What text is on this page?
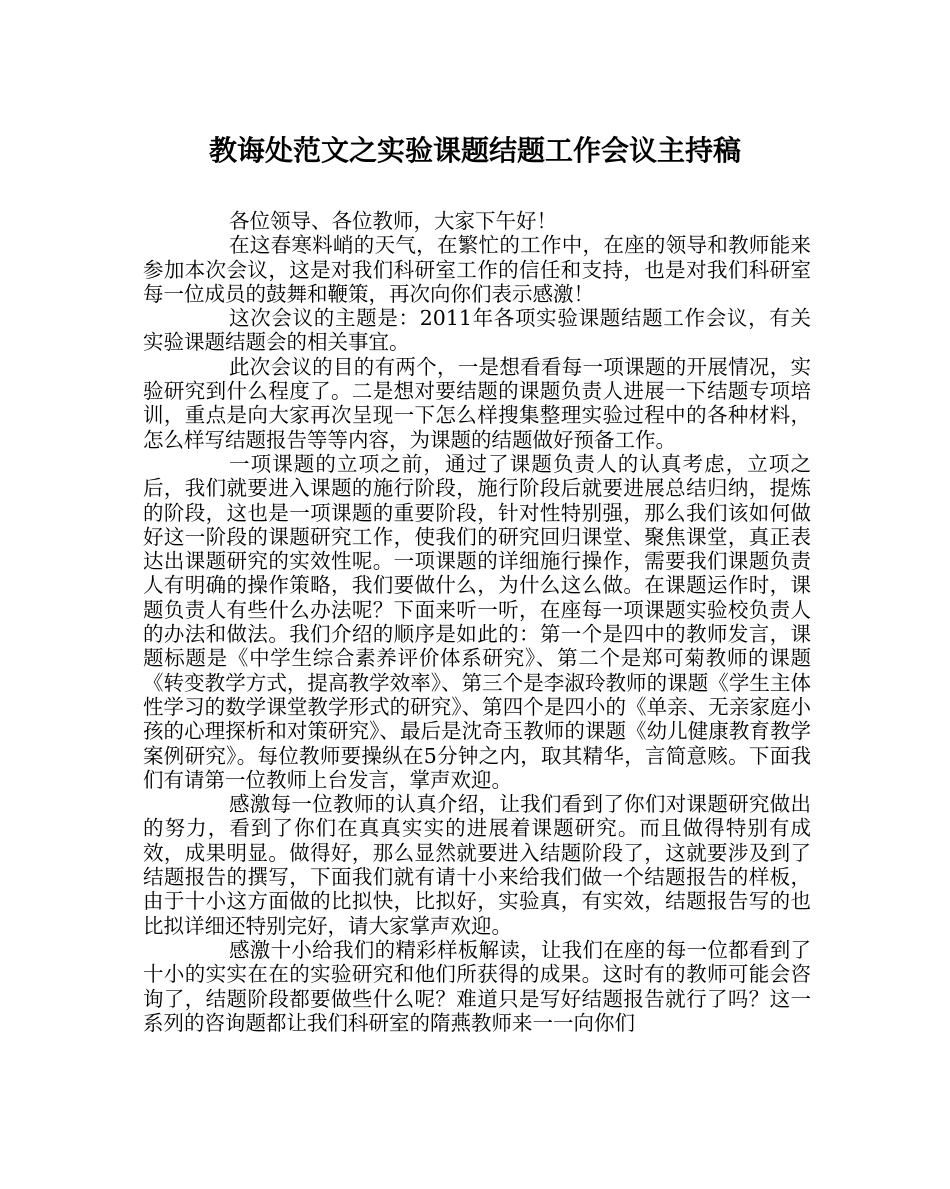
教诲处范文之实验课题结题工作会议主持稿

各位领导、各位教师，大家下午好！

在这春寒料峭的天气，在繁忙的工作中，在座的领导和教师能来参加本次会议，这是对我们科研室工作的信任和支持，也是对我们科研室每一位成员的鼓舞和鞭策，再次向你们表示感激！

这次会议的主题是：2011年各项实验课题结题工作会议，有关实验课题结题会的相关事宜。

此次会议的目的有两个，一是想看看每一项课题的开展情况，实验研究到什么程度了。二是想对要结题的课题负责人进展一下结题专项培训，重点是向大家再次呈现一下怎么样搜集整理实验过程中的各种材料，怎么样写结题报告等等内容，为课题的结题做好预备工作。

一项课题的立项之前，通过了课题负责人的认真考虑，立项之后，我们就要进入课题的施行阶段，施行阶段后就要进展总结归纳，提炼的阶段，这也是一项课题的重要阶段，针对性特别强，那么我们该如何做好这一阶段的课题研究工作，使我们的研究回归课堂、聚焦课堂，真正表达出课题研究的实效性呢。一项课题的详细施行操作，需要我们课题负责人有明确的操作策略，我们要做什么，为什么这么做。在课题运作时，课题负责人有些什么办法呢？下面来听一听，在座每一项课题实验校负责人的办法和做法。我们介绍的顺序是如此的：第一个是四中的教师发言，课题标题是《中学生综合素养评价体系研究》、第二个是郑可菊教师的课题《转变教学方式，提高教学效率》、第三个是李淑玲教师的课题《学生主体性学习的数学课堂教学形式的研究》、第四个是四小的《单亲、无亲家庭小孩的心理探析和对策研究》、最后是沈奇玉教师的课题《幼儿健康教育教学案例研究》。每位教师要操纵在5分钟之内，取其精华，言简意赅。下面我们有请第一位教师上台发言，掌声欢迎。

感激每一位教师的认真介绍，让我们看到了你们对课题研究做出的努力，看到了你们在真真实实的进展着课题研究。而且做得特别有成效，成果明显。做得好，那么显然就要进入结题阶段了，这就要涉及到了结题报告的撰写，下面我们就有请十小来给我们做一个结题报告的样板，由于十小这方面做的比拟快，比拟好，实验真，有实效，结题报告写的也比拟详细还特别完好，请大家掌声欢迎。

感激十小给我们的精彩样板解读，让我们在座的每一位都看到了十小的实实在在的实验研究和他们所获得的成果。这时有的教师可能会咨询了，结题阶段都要做些什么呢？难道只是写好结题报告就行了吗？这一系列的咨询题都让我们科研室的隋燕教师来一一向你们
